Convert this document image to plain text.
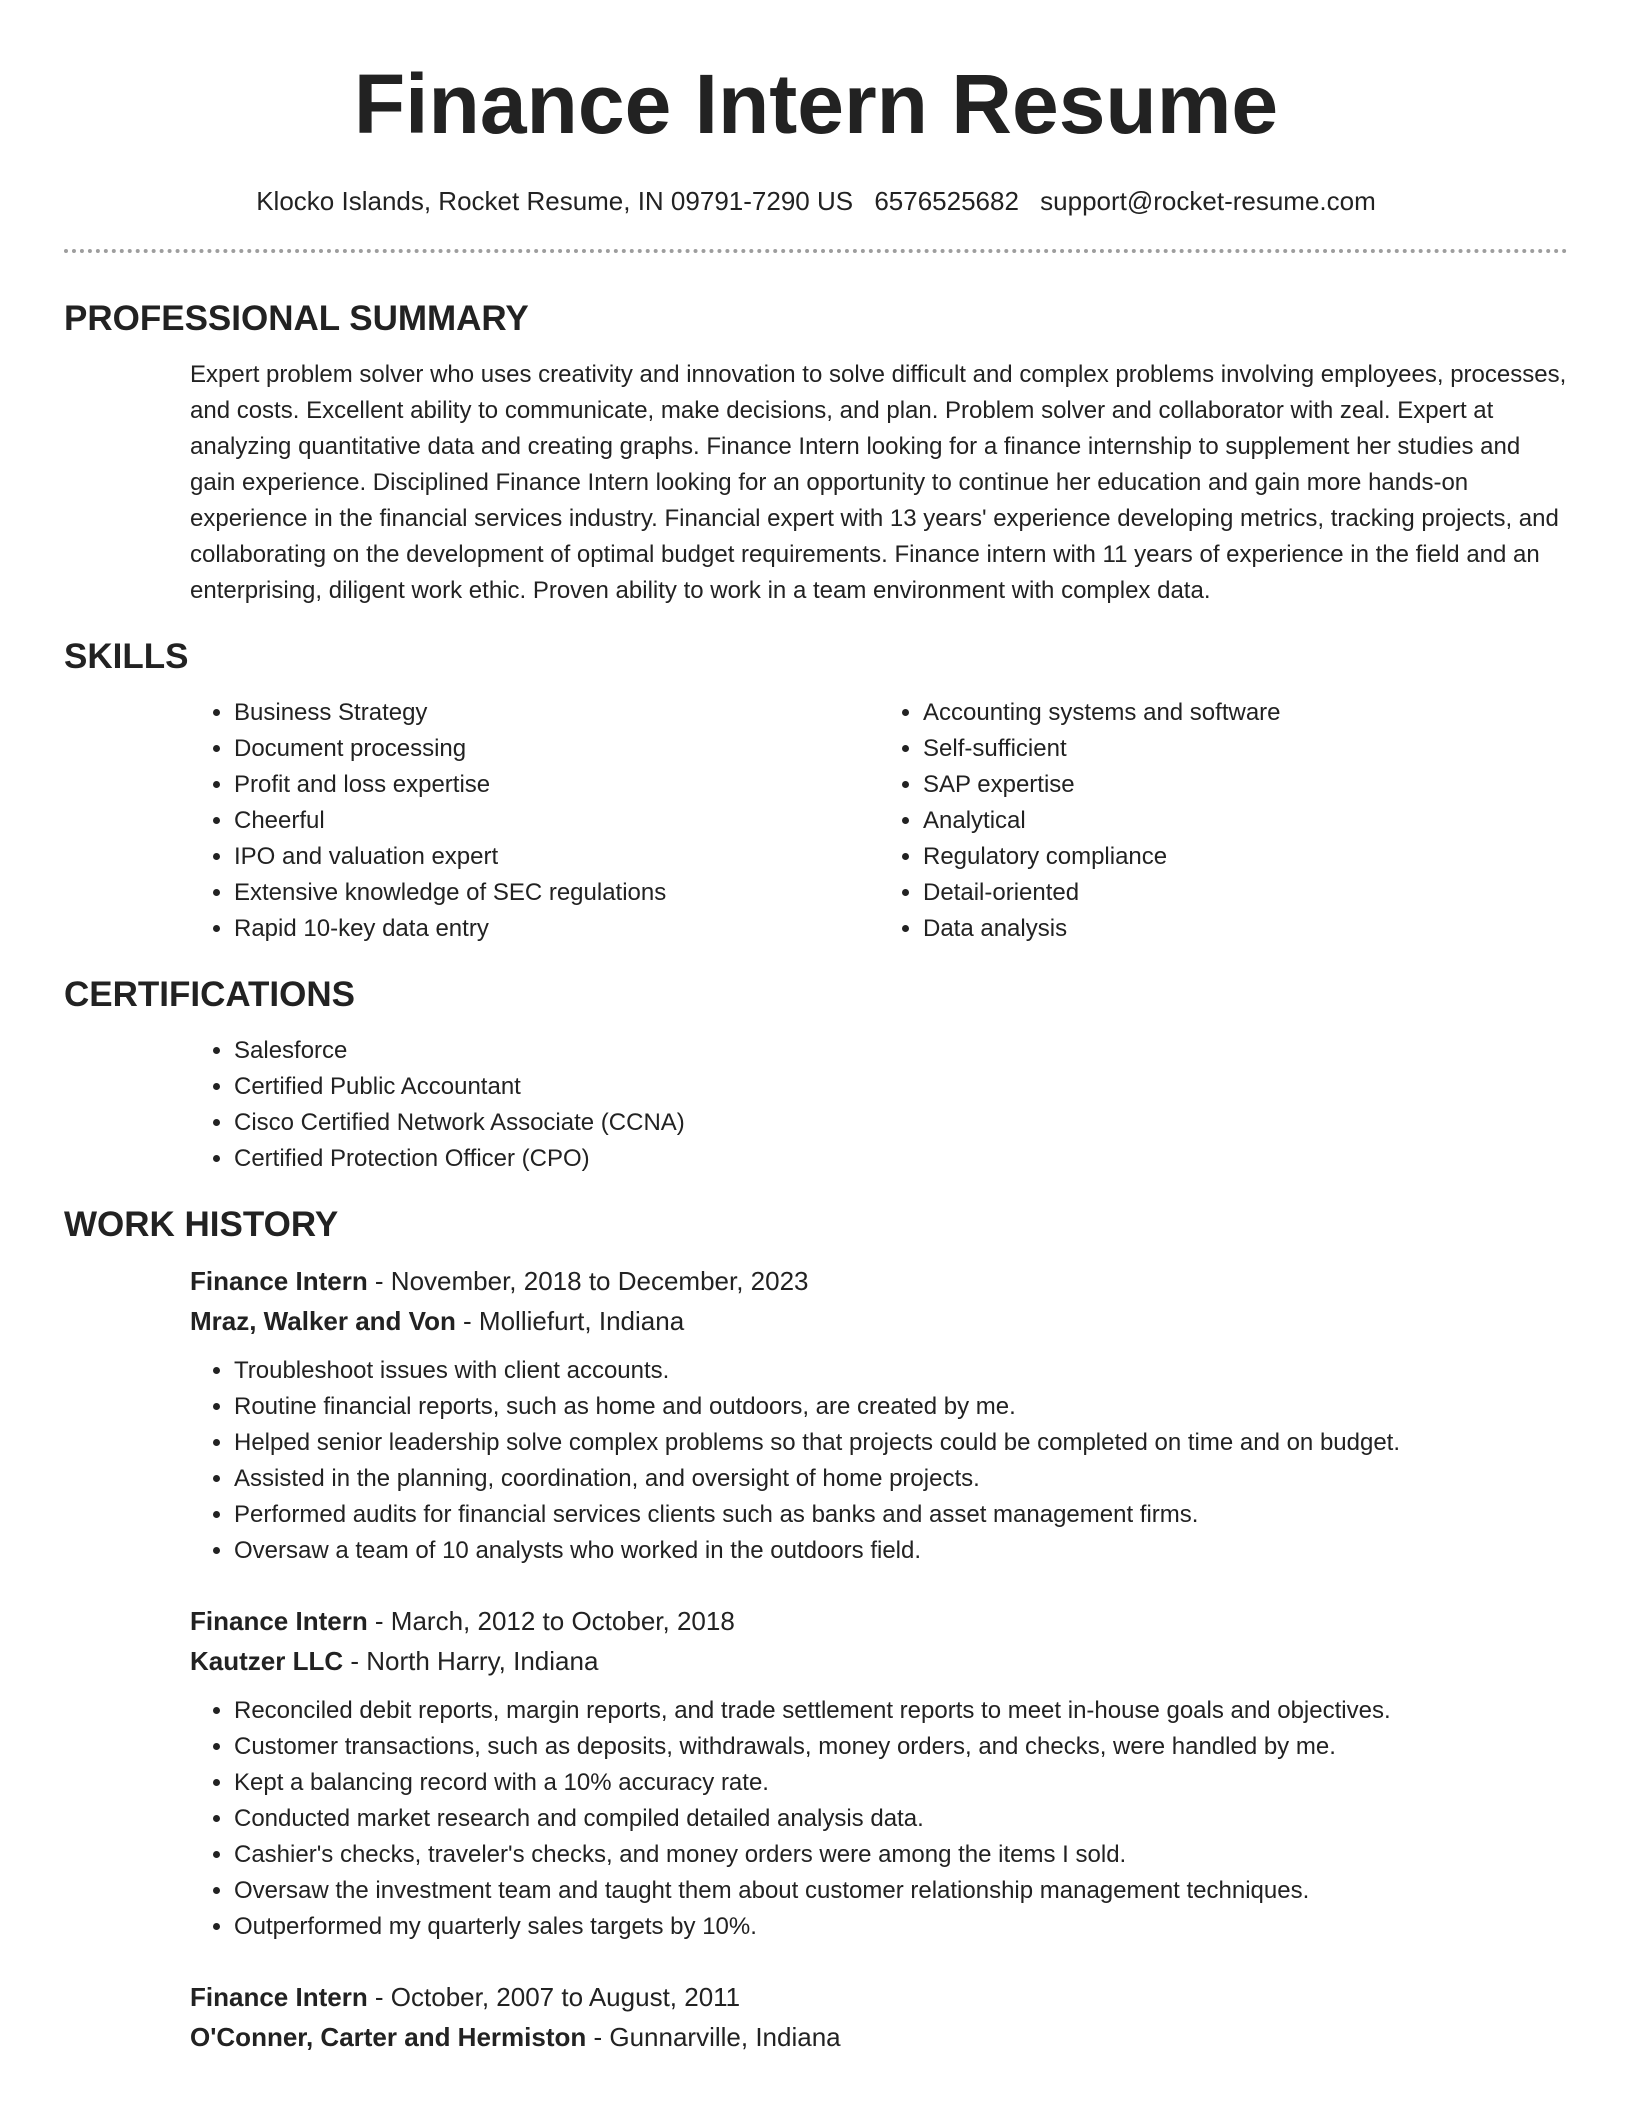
Finance Intern Resume
Klocko Islands, Rocket Resume, IN 09791-7290 US 6576525682 support@rocket-resume.com
PROFESSIONAL SUMMARY

Expert problem solver who uses creativity and innovation to solve difficult and complex problems involving employees, processes, and costs. Excellent ability to communicate, make decisions, and plan. Problem solver and collaborator with zeal. Expert at analyzing quantitative data and creating graphs. Finance Intern looking for a finance internship to supplement her studies and gain experience. Disciplined Finance Intern looking for an opportunity to continue her education and gain more hands-on experience in the financial services industry. Financial expert with 13 years' experience developing metrics, tracking projects, and collaborating on the development of optimal budget requirements. Finance intern with 11 years of experience in the field and an enterprising, diligent work ethic. Proven ability to work in a team environment with complex data.

SKILLS
• Business Strategy
• Document processing
• Profit and loss expertise
• Cheerful
• IPO and valuation expert
• Extensive knowledge of SEC regulations
• Rapid 10-key data entry
• Accounting systems and software
• Self-sufficient
• SAP expertise
• Analytical
• Regulatory compliance
• Detail-oriented
• Data analysis
CERTIFICATIONS
• Salesforce
• Certified Public Accountant
• Cisco Certified Network Associate (CCNA)
• Certified Protection Officer (CPO)
WORK HISTORY
Finance Intern - November, 2018 to December, 2023
Mraz, Walker and Von - Molliefurt, Indiana
• Troubleshoot issues with client accounts.
• Routine financial reports, such as home and outdoors, are created by me.
• Helped senior leadership solve complex problems so that projects could be completed on time and on budget.
• Assisted in the planning, coordination, and oversight of home projects.
• Performed audits for financial services clients such as banks and asset management firms.
• Oversaw a team of 10 analysts who worked in the outdoors field.
Finance Intern - March, 2012 to October, 2018
Kautzer LLC - North Harry, Indiana
• Reconciled debit reports, margin reports, and trade settlement reports to meet in-house goals and objectives.
• Customer transactions, such as deposits, withdrawals, money orders, and checks, were handled by me.
• Kept a balancing record with a 10% accuracy rate.
• Conducted market research and compiled detailed analysis data.
• Cashier's checks, traveler's checks, and money orders were among the items I sold.
• Oversaw the investment team and taught them about customer relationship management techniques.
• Outperformed my quarterly sales targets by 10%.
Finance Intern - October, 2007 to August, 2011
O'Conner, Carter and Hermiston - Gunnarville, Indiana
